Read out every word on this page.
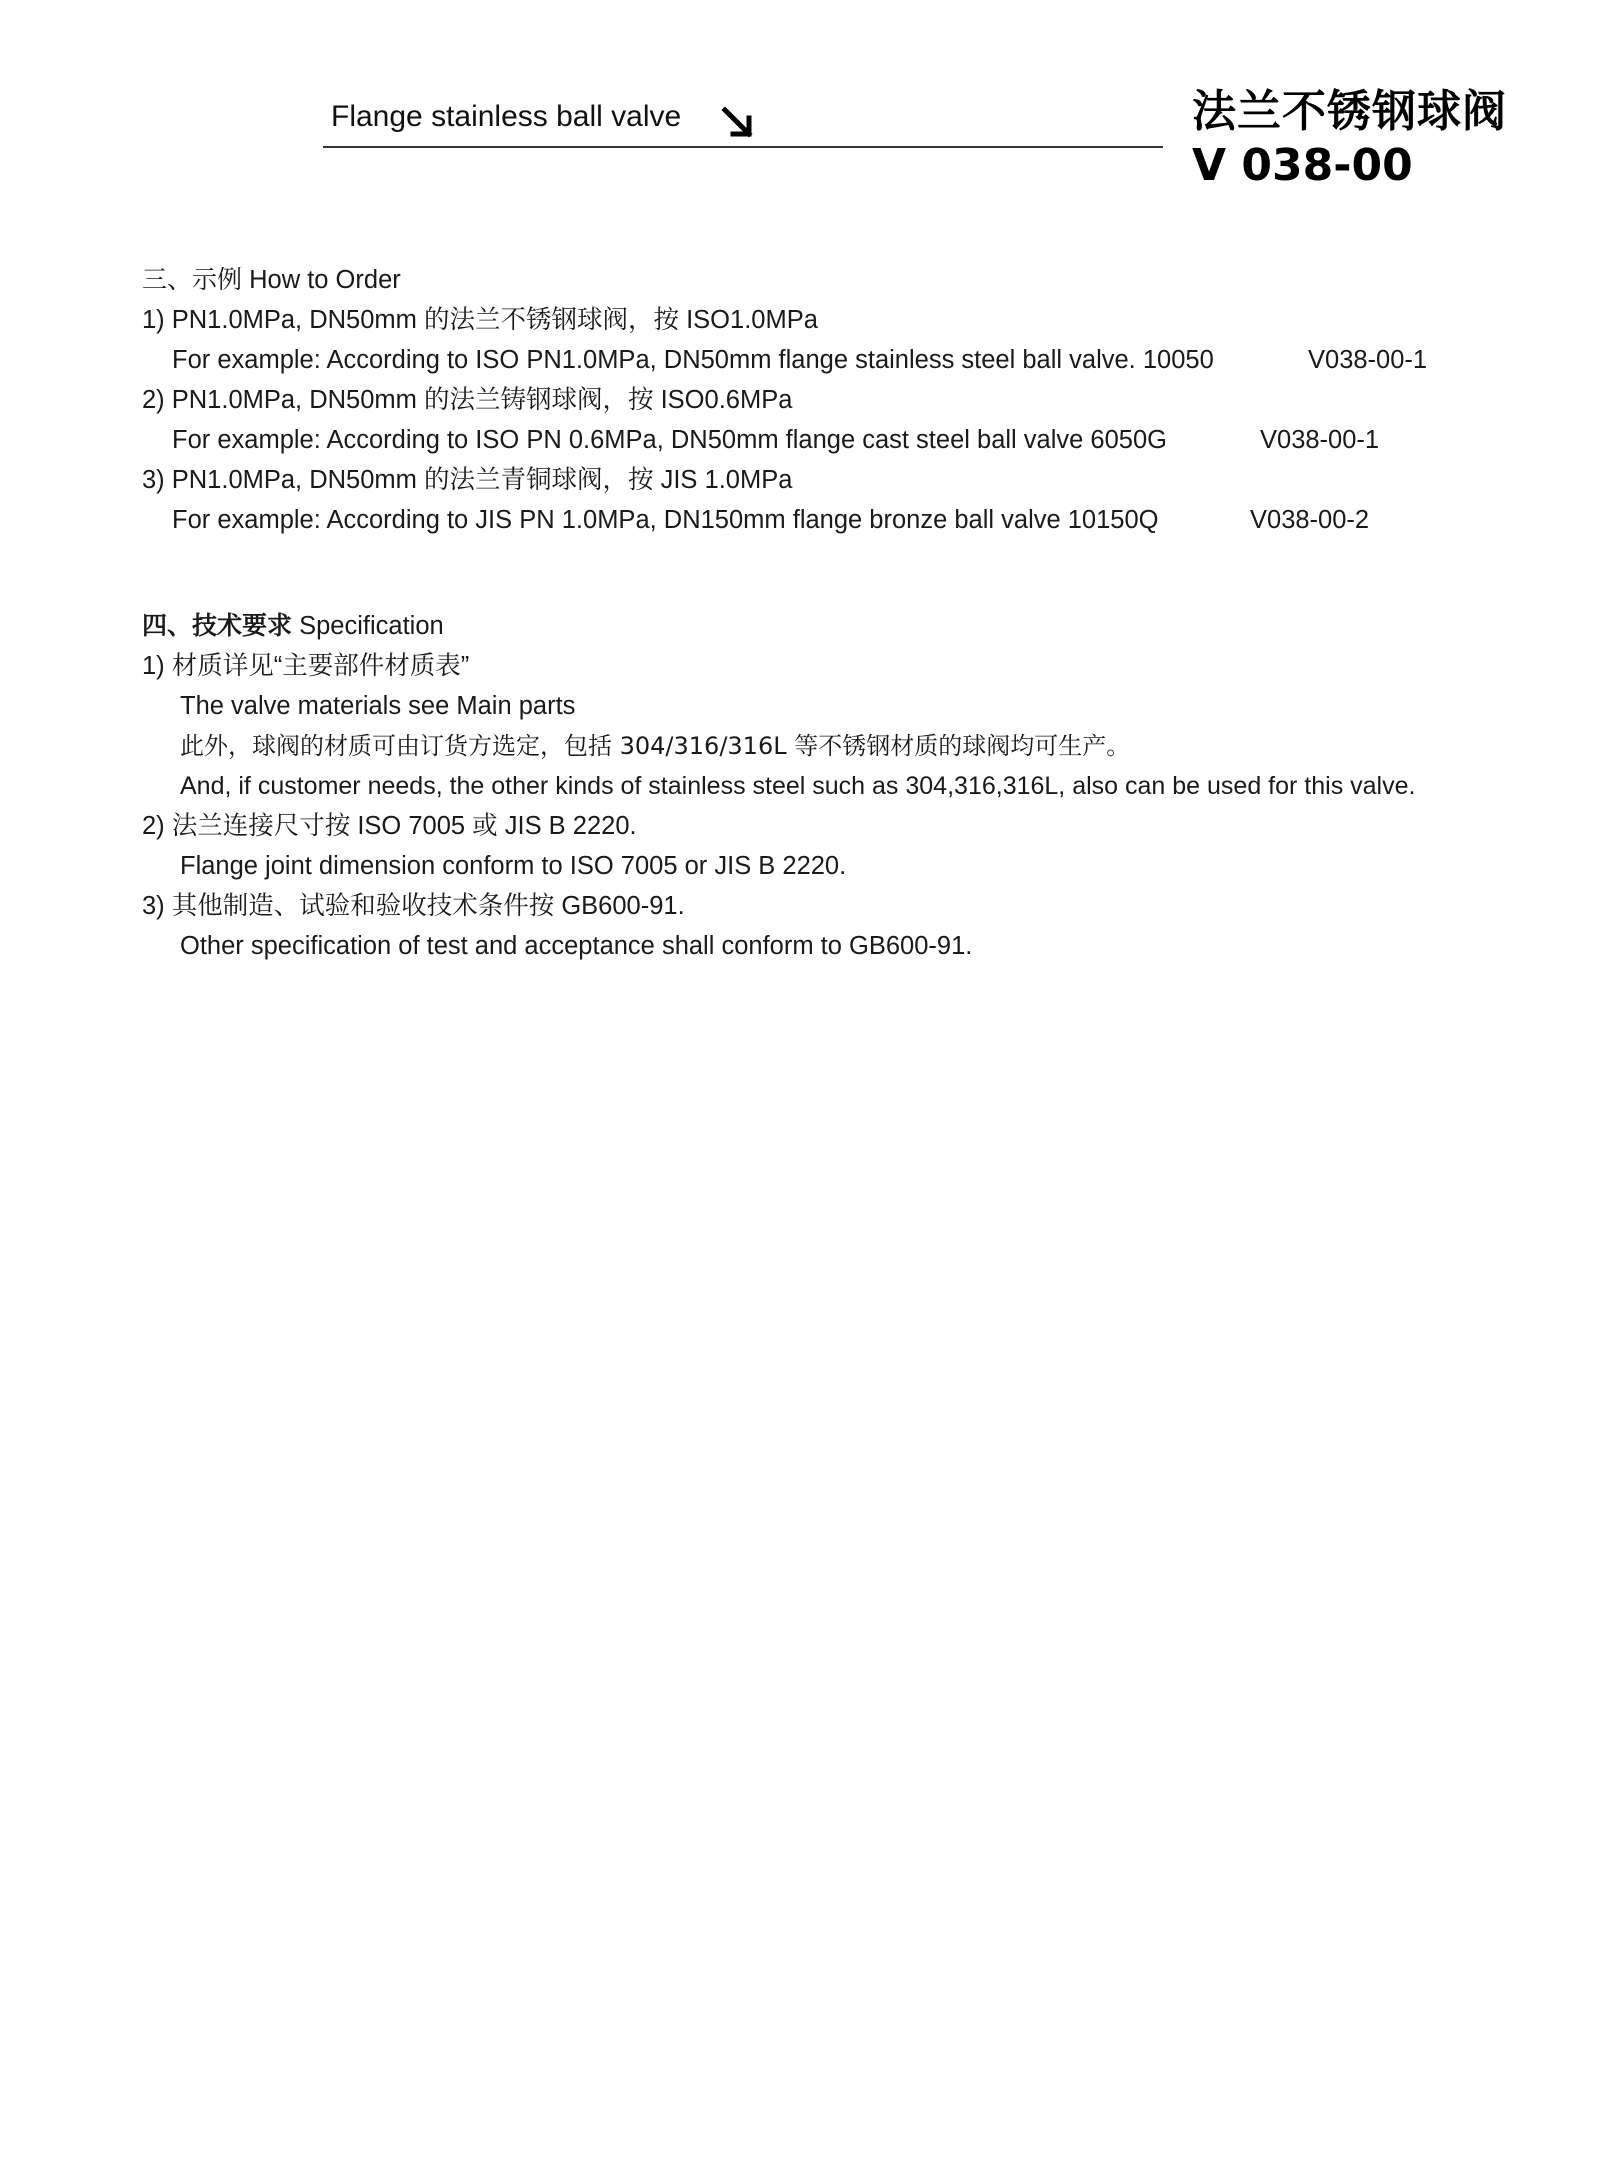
Flange stainless ball valve	法兰不锈钢球阀
V 038-00
三、示例 How to Order
1) PN1.0MPa, DN50mm 的法兰不锈钢球阀，按 ISO1.0MPa
For example: According to ISO PN1.0MPa, DN50mm flange stainless steel ball valve. 10050	V038-00-1
2) PN1.0MPa, DN50mm 的法兰铸钢球阀，按 ISO0.6MPa
For example: According to ISO PN 0.6MPa, DN50mm flange cast steel ball valve 6050G	V038-00-1
3) PN1.0MPa, DN50mm 的法兰青铜球阀，按 JIS 1.0MPa
For example: According to JIS PN 1.0MPa, DN150mm flange bronze ball valve 10150Q	V038-00-2
四、技术要求 Specification
1) 材质详见“主要部件材质表”
The valve materials see Main parts
此外，球阀的材质可由订货方选定，包括 304/316/316L 等不锈钢材质的球阀均可生产。
And, if customer needs, the other kinds of stainless steel such as 304,316,316L, also can be used for this valve.
2) 法兰连接尺寸按 ISO 7005 或 JIS B 2220.
Flange joint dimension conform to ISO 7005 or JIS B 2220.
3) 其他制造、试验和验收技术条件按 GB600-91.
Other specification of test and acceptance shall conform to GB600-91.
